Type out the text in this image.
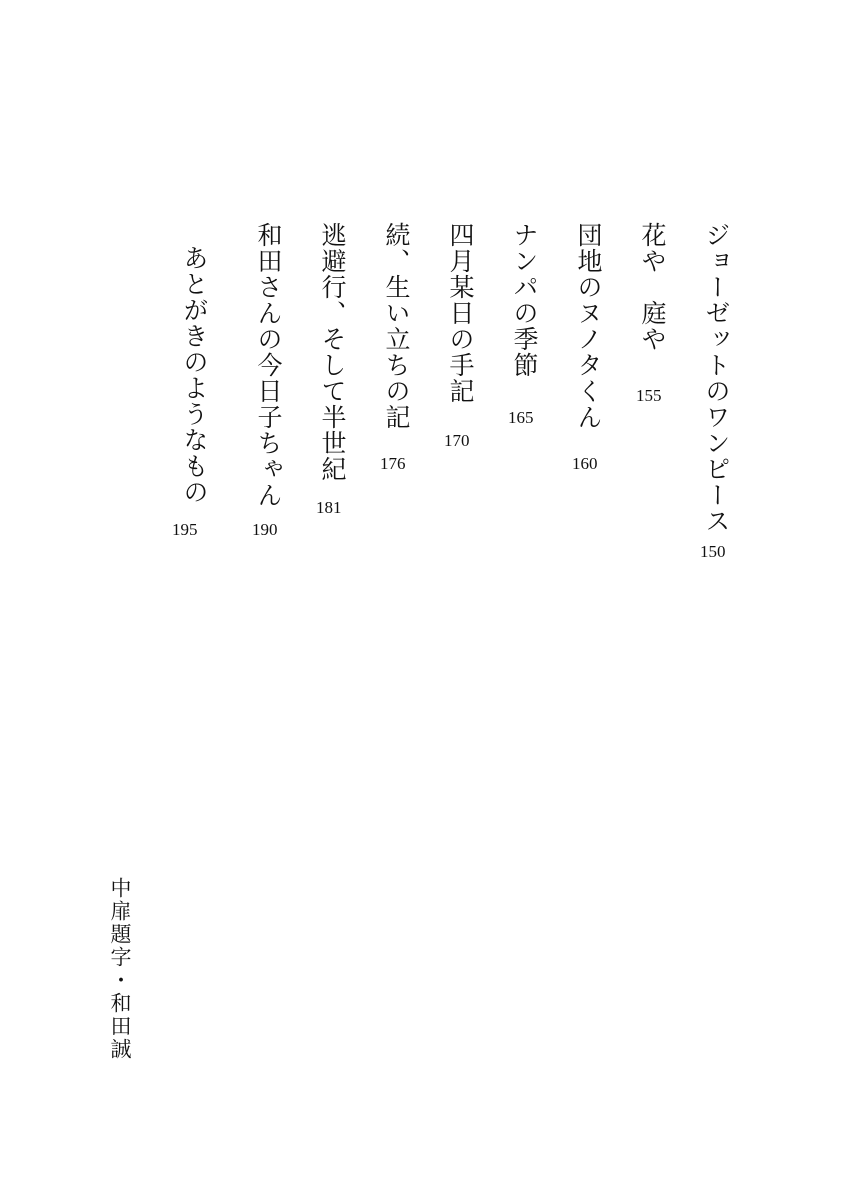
ジョーゼットのワンピース
150
花や　庭や
155
団地のヌノタくん
160
ナンパの季節
165
四月某日の手記
170
続、生い立ちの記
176
逃避行、そして半世紀
181
和田さんの今日子ちゃん
190
あとがきのようなもの
195
中扉題字・和田誠
